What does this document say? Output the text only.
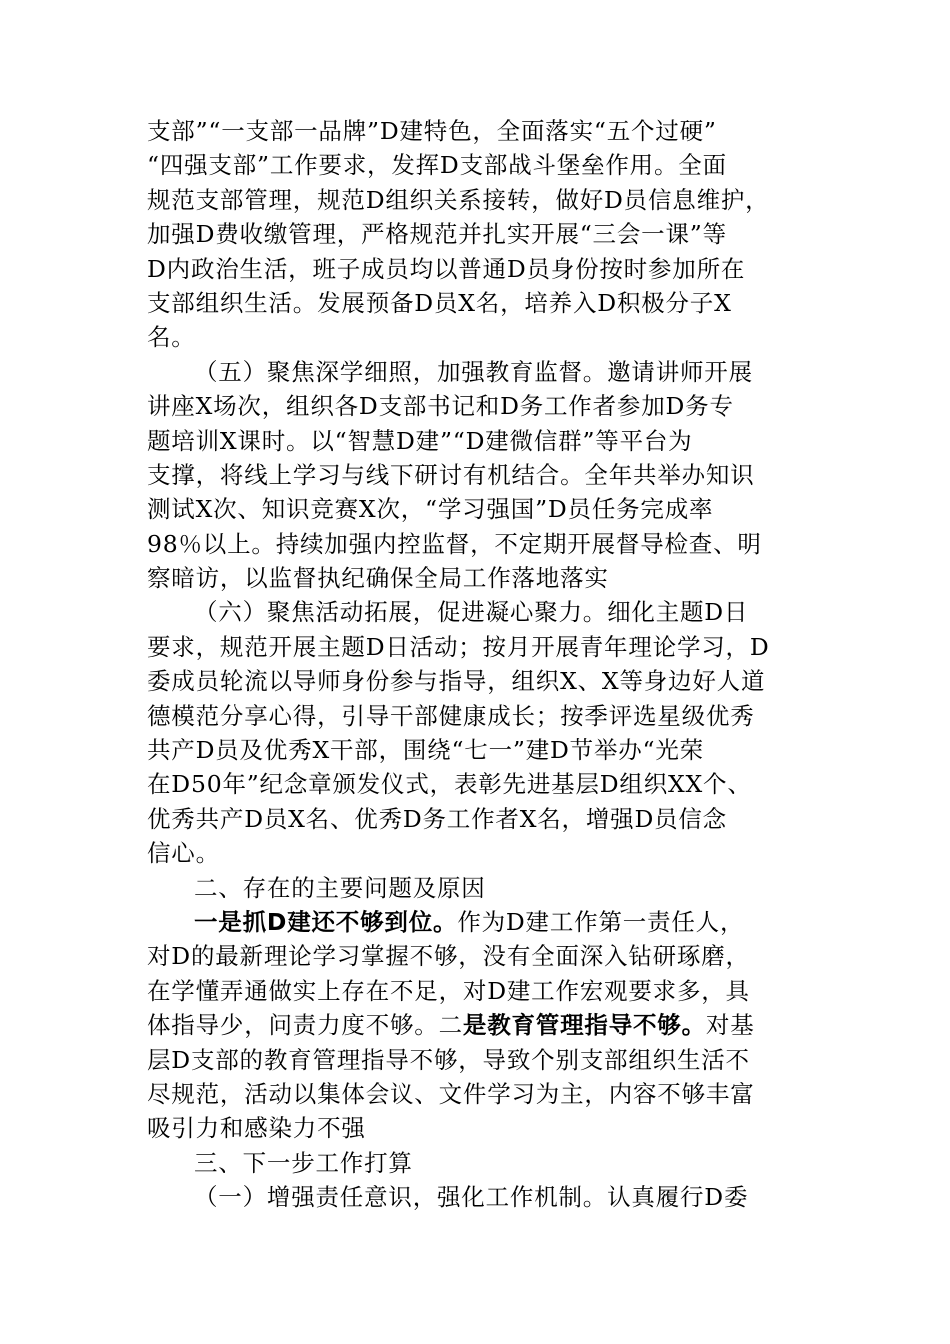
支部”“一支部一品牌”D建特色，全面落实“五个过硬”
“四强支部”工作要求，发挥D支部战斗堡垒作用。全面
规范支部管理，规范D组织关系接转，做好D员信息维护，
加强D费收缴管理，严格规范并扎实开展“三会一课”等
D内政治生活，班子成员均以普通D员身份按时参加所在
支部组织生活。发展预备D员X名，培养入D积极分子X
名。
（五）聚焦深学细照，加强教育监督。邀请讲师开展
讲座X场次，组织各D支部书记和D务工作者参加D务专
题培训X课时。以“智慧D建”“D建微信群”等平台为
支撑，将线上学习与线下研讨有机结合。全年共举办知识
测试X次、知识竞赛X次，“学习强国”D员任务完成率
98％以上。持续加强内控监督，不定期开展督导检查、明
察暗访，以监督执纪确保全局工作落地落实
（六）聚焦活动拓展，促进凝心聚力。细化主题D日
要求，规范开展主题D日活动；按月开展青年理论学习，D
委成员轮流以导师身份参与指导，组织X、X等身边好人道
德模范分享心得，引导干部健康成长；按季评选星级优秀
共产D员及优秀X干部，围绕“七一”建D节举办“光荣
在D50年”纪念章颁发仪式，表彰先进基层D组织XX个、
优秀共产D员X名、优秀D务工作者X名，增强D员信念
信心。
二、存在的主要问题及原因
一是抓D建还不够到位。作为D建工作第一责任人，
对D的最新理论学习掌握不够，没有全面深入钻研琢磨，
在学懂弄通做实上存在不足，对D建工作宏观要求多，具
体指导少，问责力度不够。二是教育管理指导不够。对基
层D支部的教育管理指导不够，导致个别支部组织生活不
尽规范，活动以集体会议、文件学习为主，内容不够丰富
吸引力和感染力不强
三、下一步工作打算
（一）增强责任意识，强化工作机制。认真履行D委
